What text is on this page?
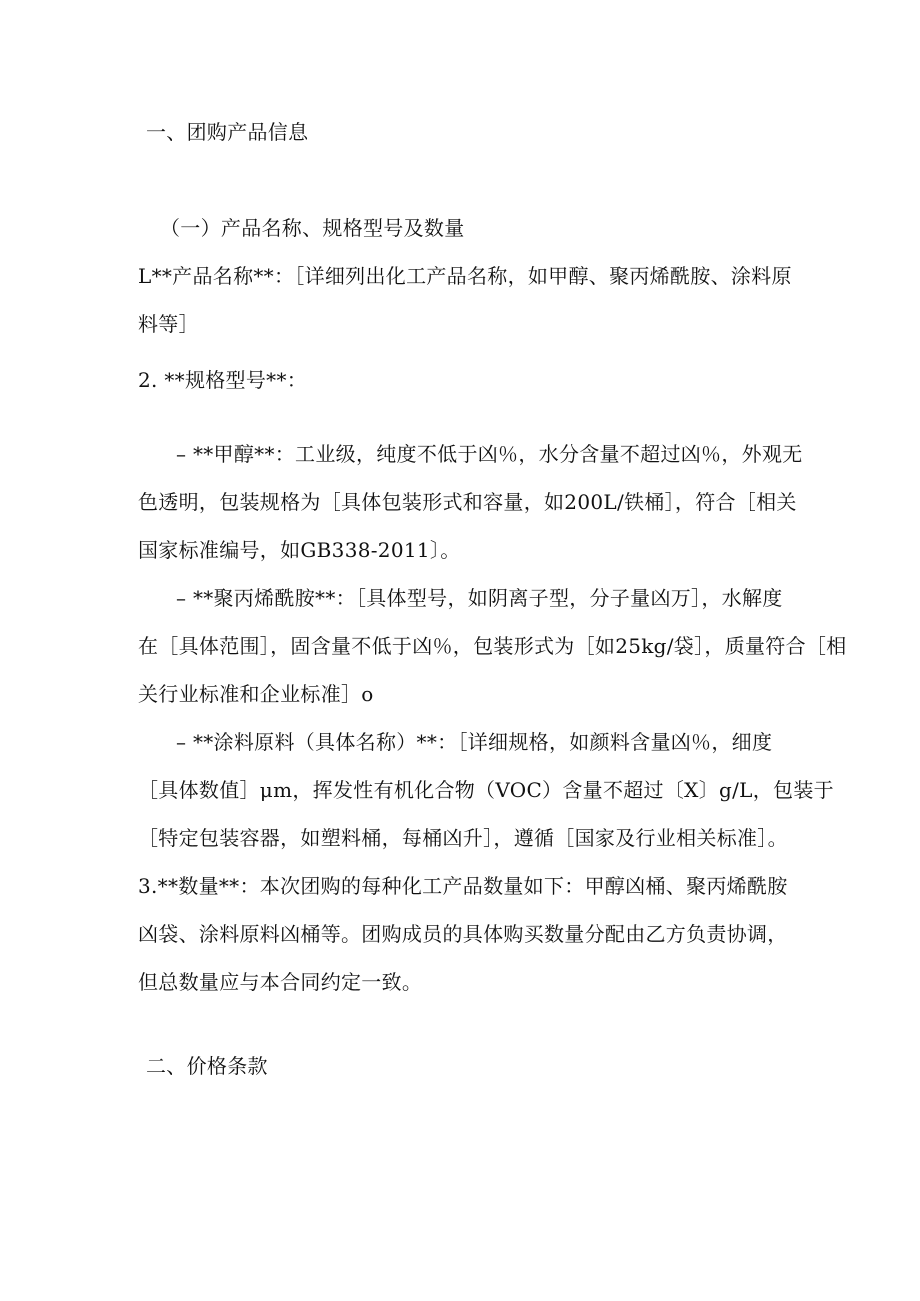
一、团购产品信息
（一）产品名称、规格型号及数量
L**产品名称**：［详细列出化工产品名称，如甲醇、聚丙烯酰胺、涂料原
料等］
2. **规格型号**：
– **甲醇**：工业级，纯度不低于凶％，水分含量不超过凶％，外观无
色透明，包装规格为［具体包装形式和容量，如200L/铁桶］，符合［相关
国家标准编号，如GB338-2011〕。
– **聚丙烯酰胺**：［具体型号，如阴离子型，分子量凶万］，水解度
在［具体范围］，固含量不低于凶％，包装形式为［如25kg/袋］，质量符合［相
关行业标准和企业标准］o
– **涂料原料（具体名称）**：［详细规格，如颜料含量凶％，细度
［具体数值］μm，挥发性有机化合物（VOC）含量不超过〔X〕g/L，包装于
［特定包装容器，如塑料桶，每桶凶升］，遵循［国家及行业相关标准］。
3.**数量**：本次团购的每种化工产品数量如下：甲醇凶桶、聚丙烯酰胺
凶袋、涂料原料凶桶等。团购成员的具体购买数量分配由乙方负责协调，
但总数量应与本合同约定一致。
二、价格条款
